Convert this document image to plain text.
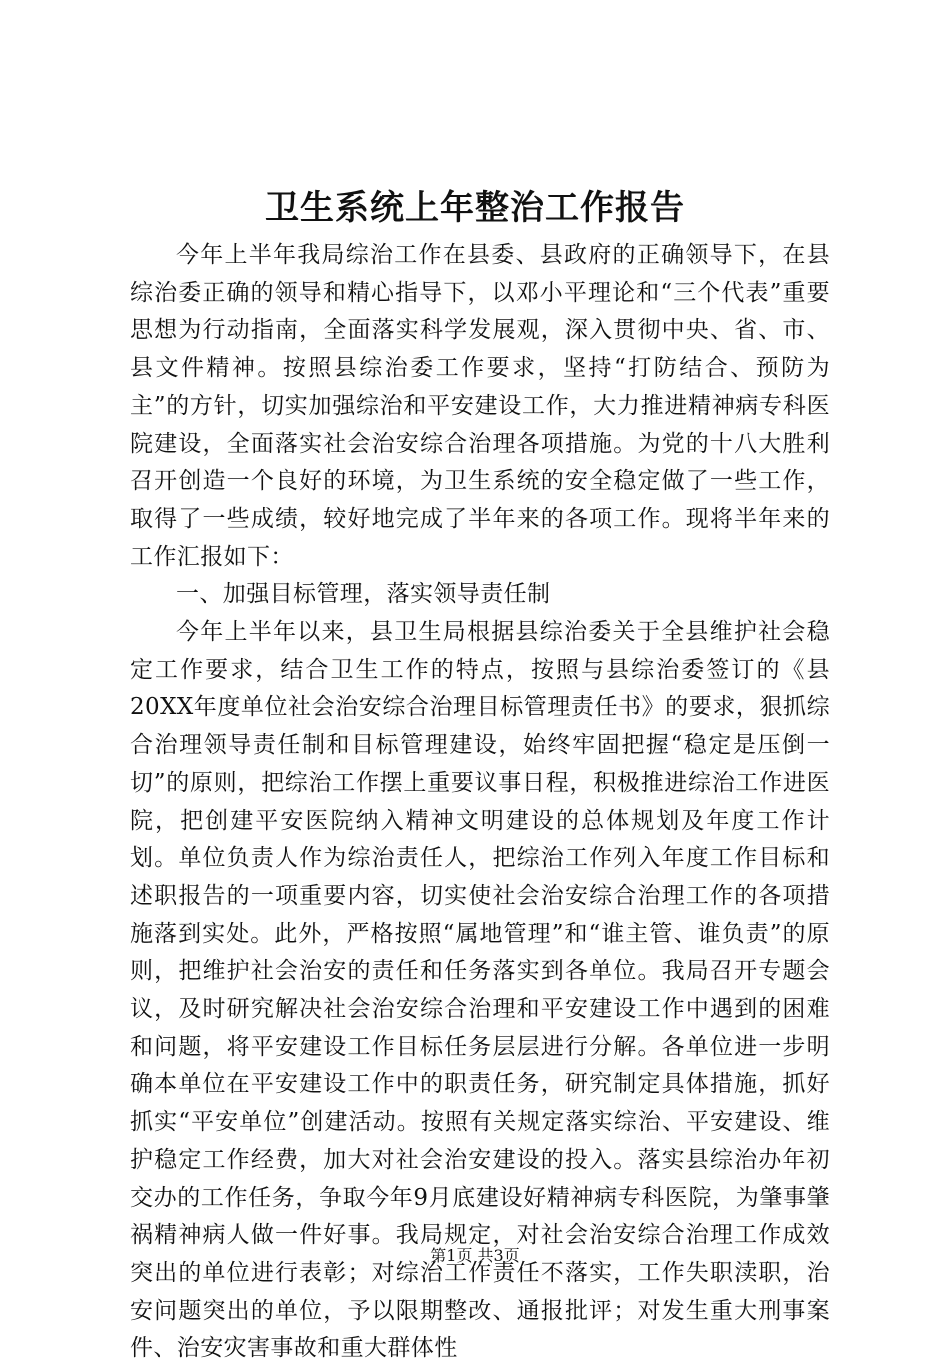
卫生系统上年整治工作报告

今年上半年我局综治工作在县委、县政府的正确领导下，在县综治委正确的领导和精心指导下，以邓小平理论和“三个代表”重要思想为行动指南，全面落实科学发展观，深入贯彻中央、省、市、县文件精神。按照县综治委工作要求，坚持“打防结合、预防为主”的方针，切实加强综治和平安建设工作，大力推进精神病专科医院建设，全面落实社会治安综合治理各项措施。为党的十八大胜利召开创造一个良好的环境，为卫生系统的安全稳定做了一些工作，取得了一些成绩，较好地完成了半年来的各项工作。现将半年来的工作汇报如下：

一、加强目标管理，落实领导责任制

今年上半年以来，县卫生局根据县综治委关于全县维护社会稳定工作要求，结合卫生工作的特点，按照与县综治委签订的《县20XX年度单位社会治安综合治理目标管理责任书》的要求，狠抓综合治理领导责任制和目标管理建设，始终牢固把握“稳定是压倒一切”的原则，把综治工作摆上重要议事日程，积极推进综治工作进医院，把创建平安医院纳入精神文明建设的总体规划及年度工作计划。单位负责人作为综治责任人，把综治工作列入年度工作目标和述职报告的一项重要内容，切实使社会治安综合治理工作的各项措施落到实处。此外，严格按照“属地管理”和“谁主管、谁负责”的原则，把维护社会治安的责任和任务落实到各单位。我局召开专题会议，及时研究解决社会治安综合治理和平安建设工作中遇到的困难和问题，将平安建设工作目标任务层层进行分解。各单位进一步明确本单位在平安建设工作中的职责任务，研究制定具体措施，抓好抓实“平安单位”创建活动。按照有关规定落实综治、平安建设、维护稳定工作经费，加大对社会治安建设的投入。落实县综治办年初交办的工作任务，争取今年9月底建设好精神病专科医院，为肇事肇祸精神病人做一件好事。我局规定，对社会治安综合治理工作成效突出的单位进行表彰；对综治工作责任不落实，工作失职渎职，治安问题突出的单位，予以限期整改、通报批评；对发生重大刑事案件、治安灾害事故和重大群体性

第1页 共3页
